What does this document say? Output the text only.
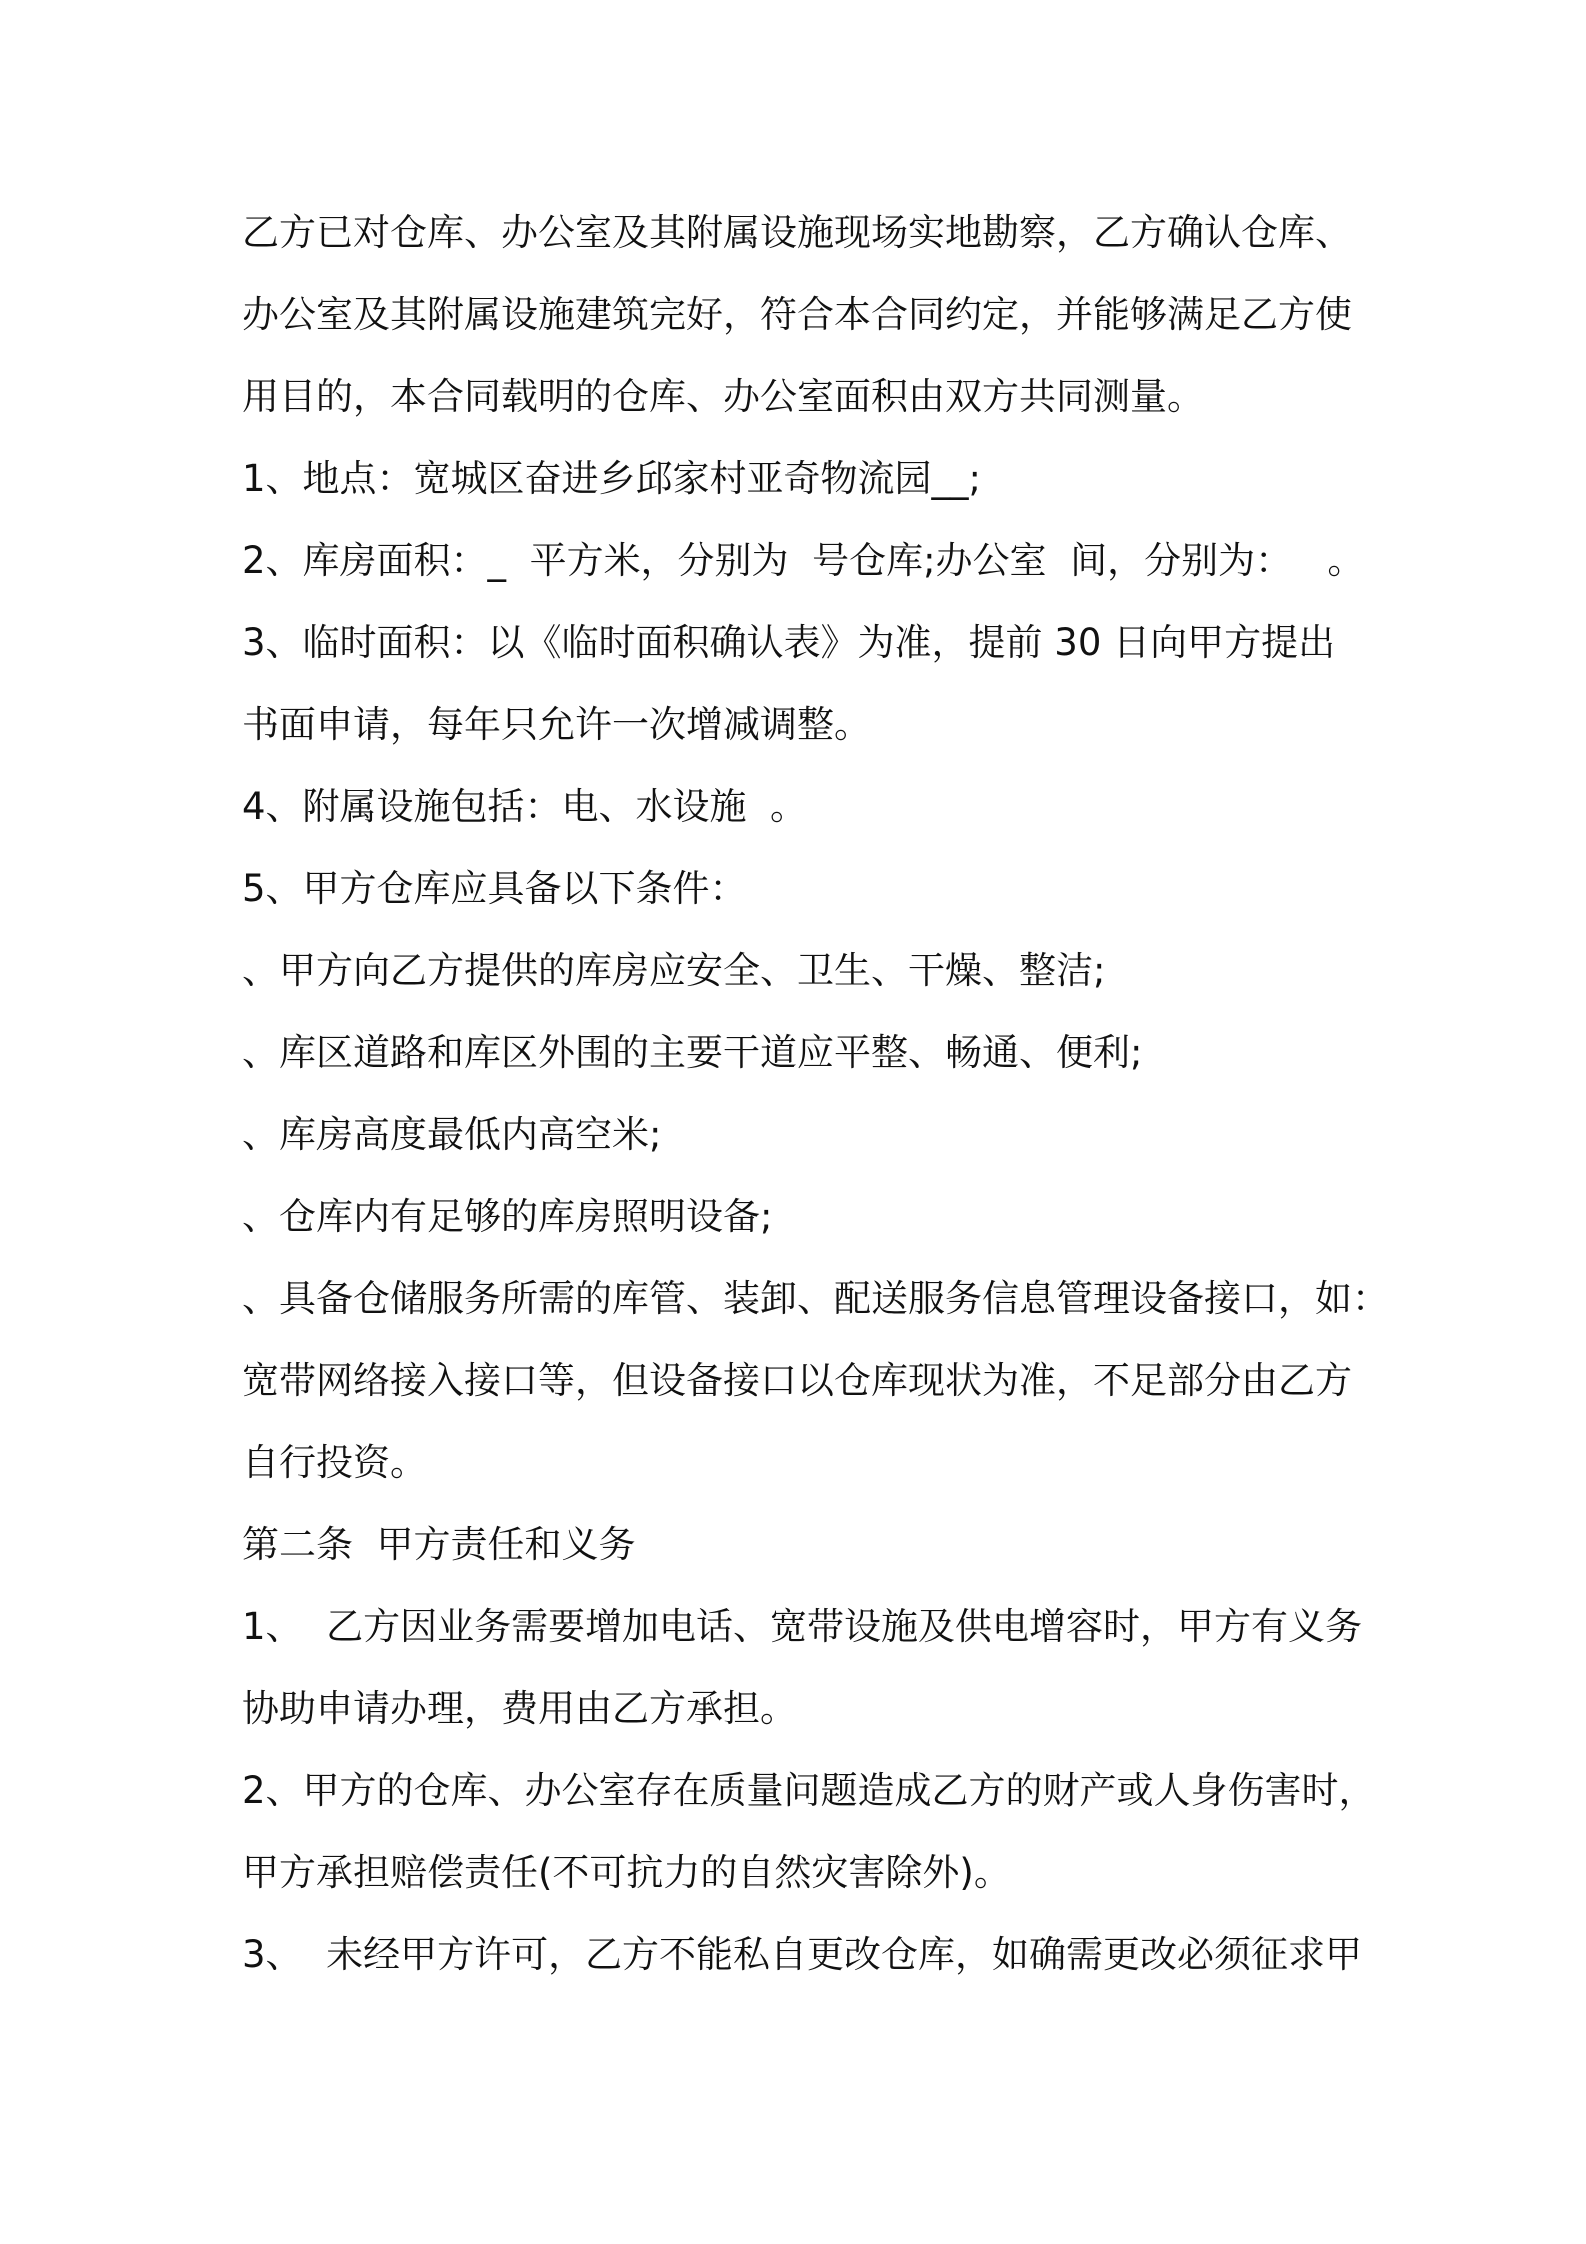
乙方已对仓库、办公室及其附属设施现场实地勘察，乙方确认仓库、
办公室及其附属设施建筑完好，符合本合同约定，并能够满足乙方使
用目的，本合同载明的仓库、办公室面积由双方共同测量。
1、地点：宽城区奋进乡邱家村亚奇物流园__;
2、库房面积：_  平方米，分别为  号仓库;办公室  间，分别为：   。
3、临时面积：以《临时面积确认表》为准，提前 30 日向甲方提出
书面申请，每年只允许一次增减调整。
4、附属设施包括：电、水设施  。
5、甲方仓库应具备以下条件：
、甲方向乙方提供的库房应安全、卫生、干燥、整洁;
、库区道路和库区外围的主要干道应平整、畅通、便利;
、库房高度最低内高空米;
、仓库内有足够的库房照明设备;
、具备仓储服务所需的库管、装卸、配送服务信息管理设备接口，如：
宽带网络接入接口等，但设备接口以仓库现状为准，不足部分由乙方
自行投资。
第二条  甲方责任和义务
1、  乙方因业务需要增加电话、宽带设施及供电增容时，甲方有义务
协助申请办理，费用由乙方承担。
2、甲方的仓库、办公室存在质量问题造成乙方的财产或人身伤害时，
甲方承担赔偿责任(不可抗力的自然灾害除外)。
3、  未经甲方许可，乙方不能私自更改仓库，如确需更改必须征求甲
